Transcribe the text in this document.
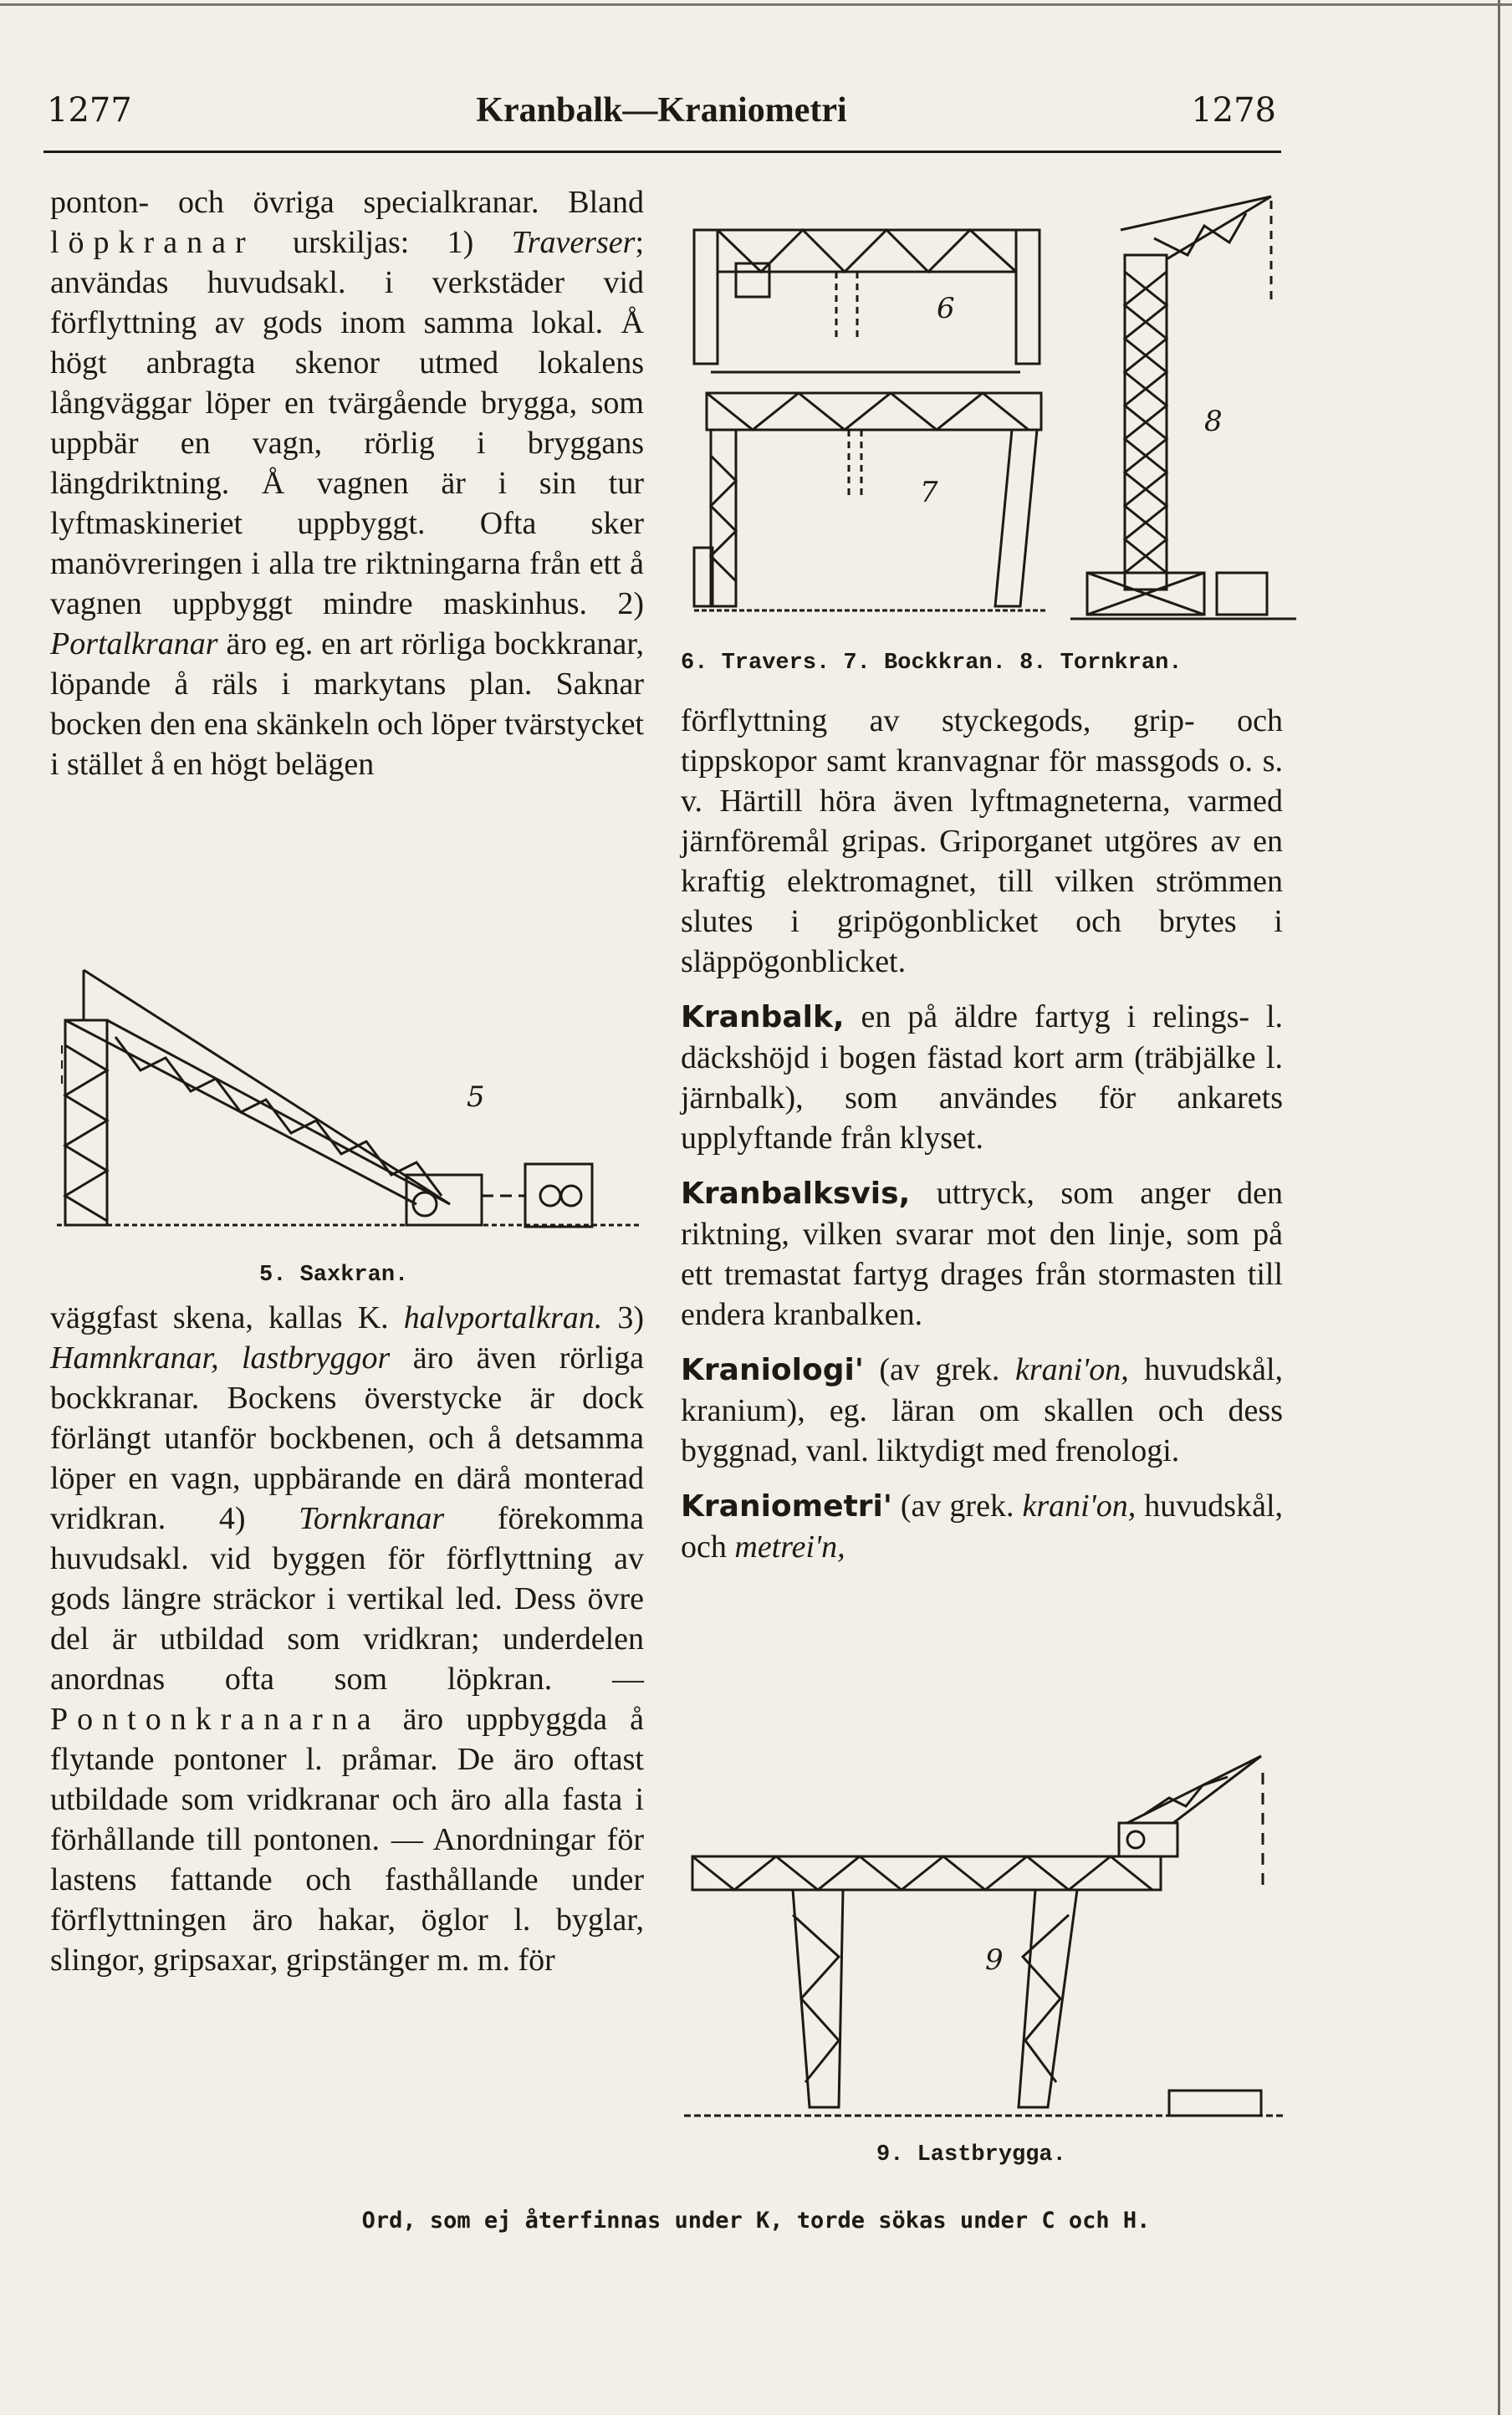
1277	Kranbalk—Kraniometri	1278

ponton- och övriga specialkranar. Bland löpkranar urskiljas: 1) Traverser; användas huvudsakl. i verkstäder vid förflyttning av gods inom samma lokal. Å högt anbragta skenor utmed lokalens långväggar löper en tvärgående brygga, som uppbär en vagn, rörlig i bryggans längdriktning. Å vagnen är i sin tur lyftmaskineriet uppbyggt. Ofta sker manövreringen i alla tre riktningarna från ett å vagnen uppbyggt mindre maskinhus. 2) Portalkranar äro eg. en art rörliga bockkranar, löpande å räls i markytans plan. Saknar bocken den ena skänkeln och löper tvärstycket i stället å en högt belägen

5
5. Saxkran.

väggfast skena, kallas K. halvportalkran. 3) Hamnkranar, lastbryggor äro även rörliga bockkranar. Bockens överstycke är dock förlängt utanför bockbenen, och å detsamma löper en vagn, uppbärande en därå monterad vridkran. 4) Tornkranar förekomma huvudsakl. vid byggen för förflyttning av gods längre sträckor i vertikal led. Dess övre del är utbildad som vridkran; underdelen anordnas ofta som löpkran. — Pontonkranarna äro uppbyggda å flytande pontoner l. pråmar. De äro oftast utbildade som vridkranar och äro alla fasta i förhållande till pontonen. — Anordningar för lastens fattande och fasthållande under förflyttningen äro hakar, öglor l. byglar, slingor, gripsaxar, gripstänger m. m. för

6
7
8
6. Travers. 7. Bockkran. 8. Tornkran.

förflyttning av styckegods, grip- och tippskopor samt kranvagnar för massgods o. s. v. Härtill höra även lyftmagneterna, varmed järnföremål gripas. Griporganet utgöres av en kraftig elektromagnet, till vilken strömmen slutes i gripögonblicket och brytes i släppögonblicket.

Kranbalk, en på äldre fartyg i relings- l. däckshöjd i bogen fästad kort arm (träbjälke l. järnbalk), som användes för ankarets upplyftande från klyset.

Kranbalksvis, uttryck, som anger den riktning, vilken svarar mot den linje, som på ett tremastat fartyg drages från stormasten till endera kranbalken.

Kraniologi' (av grek. krani'on, huvudskål, kranium), eg. läran om skallen och dess byggnad, vanl. liktydigt med frenologi.

Kraniometri' (av grek. krani'on, huvudskål, och metrei'n,

9
9. Lastbrygga.
Ord, som ej återfinnas under K, torde sökas under C och H.
